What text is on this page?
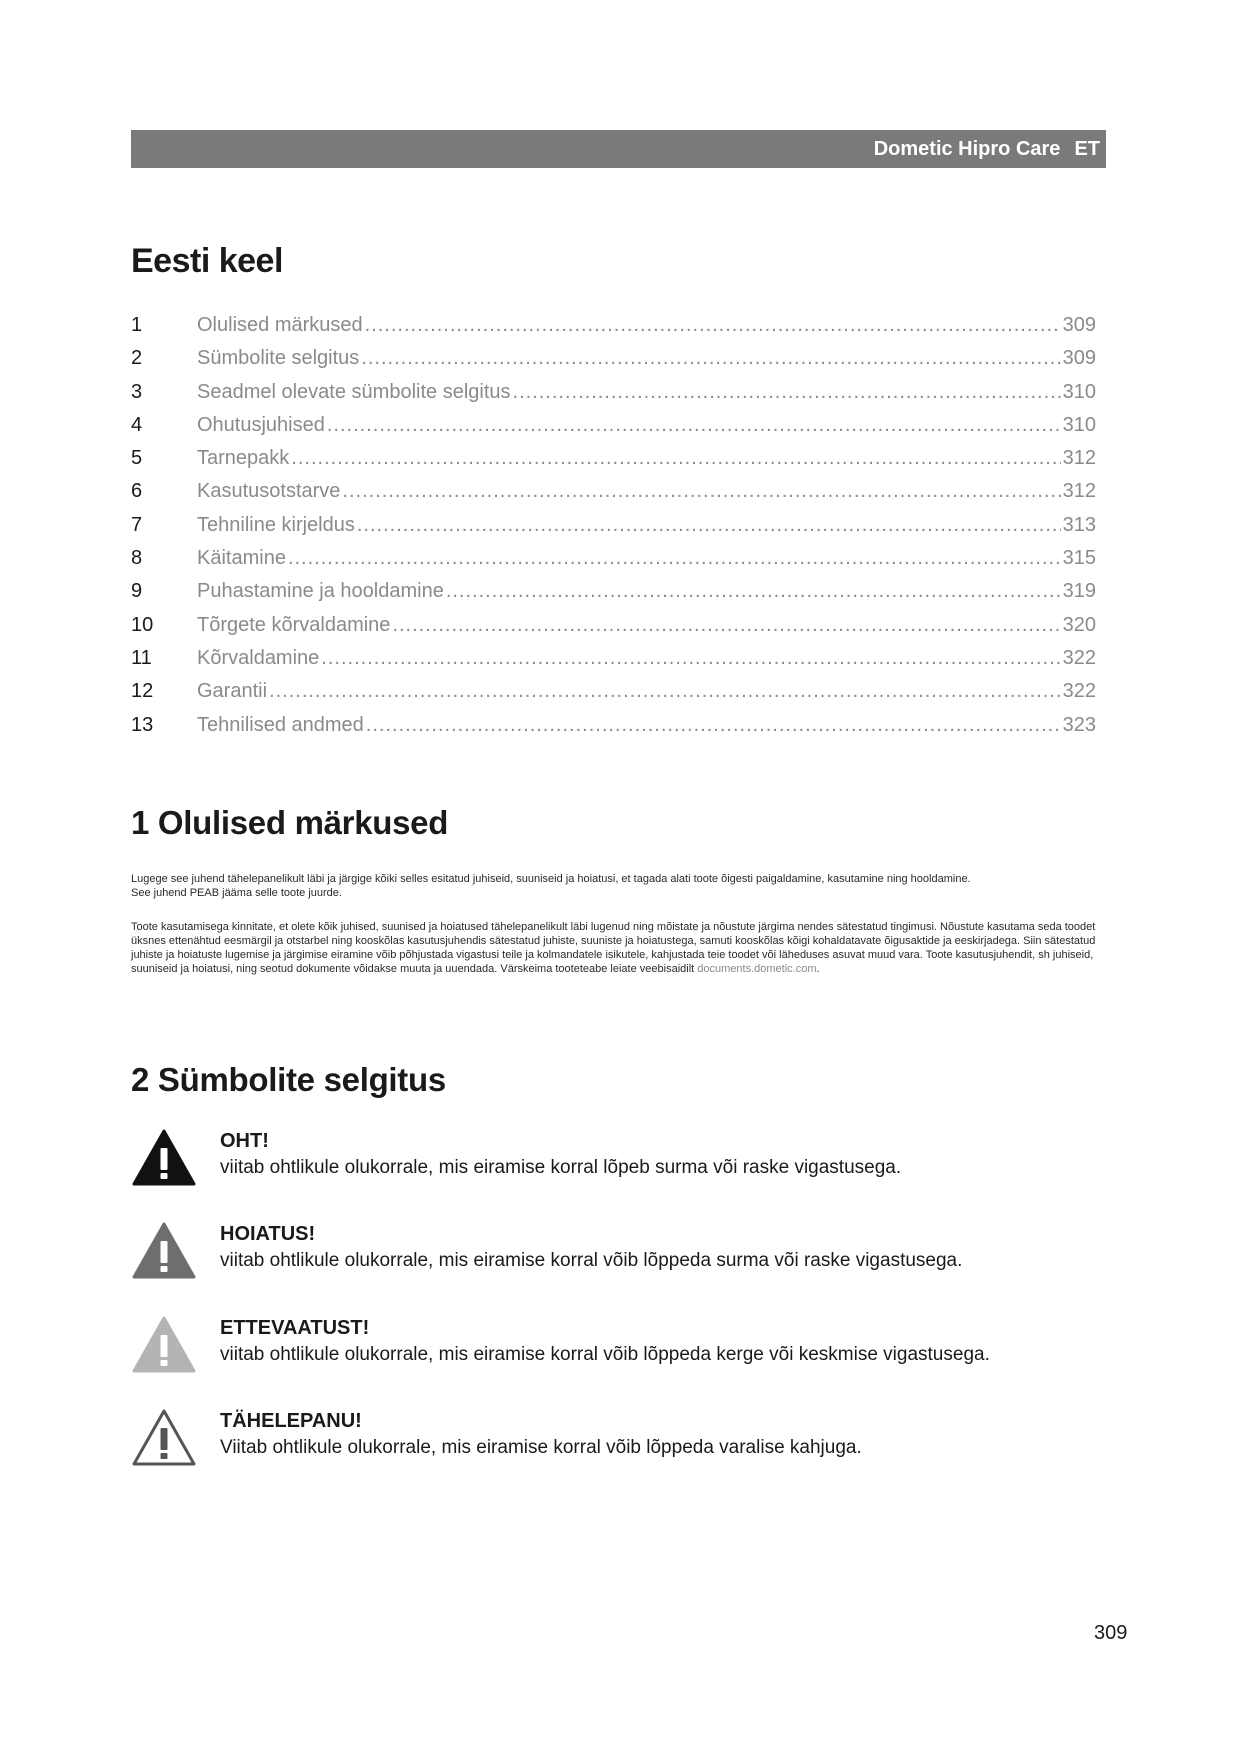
Dometic Hipro Care ET
Eesti keel
1	Olulised märkused .....	309
2	Sümbolite selgitus .....	309
3	Seadmel olevate sümbolite selgitus .....	310
4	Ohutusjuhised .....	310
5	Tarnepakk .....	312
6	Kasutusotstarve .....	312
7	Tehniline kirjeldus .....	313
8	Käitamine .....	315
9	Puhastamine ja hooldamine .....	319
10	Tõrgete kõrvaldamine .....	320
11	Kõrvaldamine .....	322
12	Garantii .....	322
13	Tehnilised andmed .....	323
1 Olulised märkused

Lugege see juhend tähelepanelikult läbi ja järgige kõiki selles esitatud juhiseid, suuniseid ja hoiatusi, et tagada alati toote õigesti paigaldamine, kasutamine ning hooldamine.
See juhend PEAB jääma selle toote juurde.

Toote kasutamisega kinnitate, et olete kõik juhised, suunised ja hoiatused tähelepanelikult läbi lugenud ning mõistate ja nõustute järgima nendes sätestatud tingimusi. Nõustute kasutama seda toodet üksnes ettenähtud eesmärgil ja otstarbel ning kooskõlas kasutusjuhendis sätestatud juhiste, suuniste ja hoiatustega, samuti kooskõlas kõigi kohaldatavate õigusaktide ja eeskirjadega. Siin sätestatud juhiste ja hoiatuste lugemise ja järgimise eiramine võib põhjustada vigastusi teile ja kolmandatele isikutele, kahjustada teie toodet või läheduses asuvat muud vara. Toote kasutusjuhendit, sh juhiseid, suuniseid ja hoiatusi, ning seotud dokumente võidakse muuta ja uuendada. Värskeima tooteteabe leiate veebisaidilt documents.dometic.com.

2 Sümbolite selgitus
OHT!
viitab ohtlikule olukorrale, mis eiramise korral lõpeb surma või raske vigastusega.
HOIATUS!
viitab ohtlikule olukorrale, mis eiramise korral võib lõppeda surma või raske vigastusega.
ETTEVAATUST!
viitab ohtlikule olukorrale, mis eiramise korral võib lõppeda kerge või keskmise vigastusega.
TÄHELEPANU!
Viitab ohtlikule olukorrale, mis eiramise korral võib lõppeda varalise kahjuga.
309
